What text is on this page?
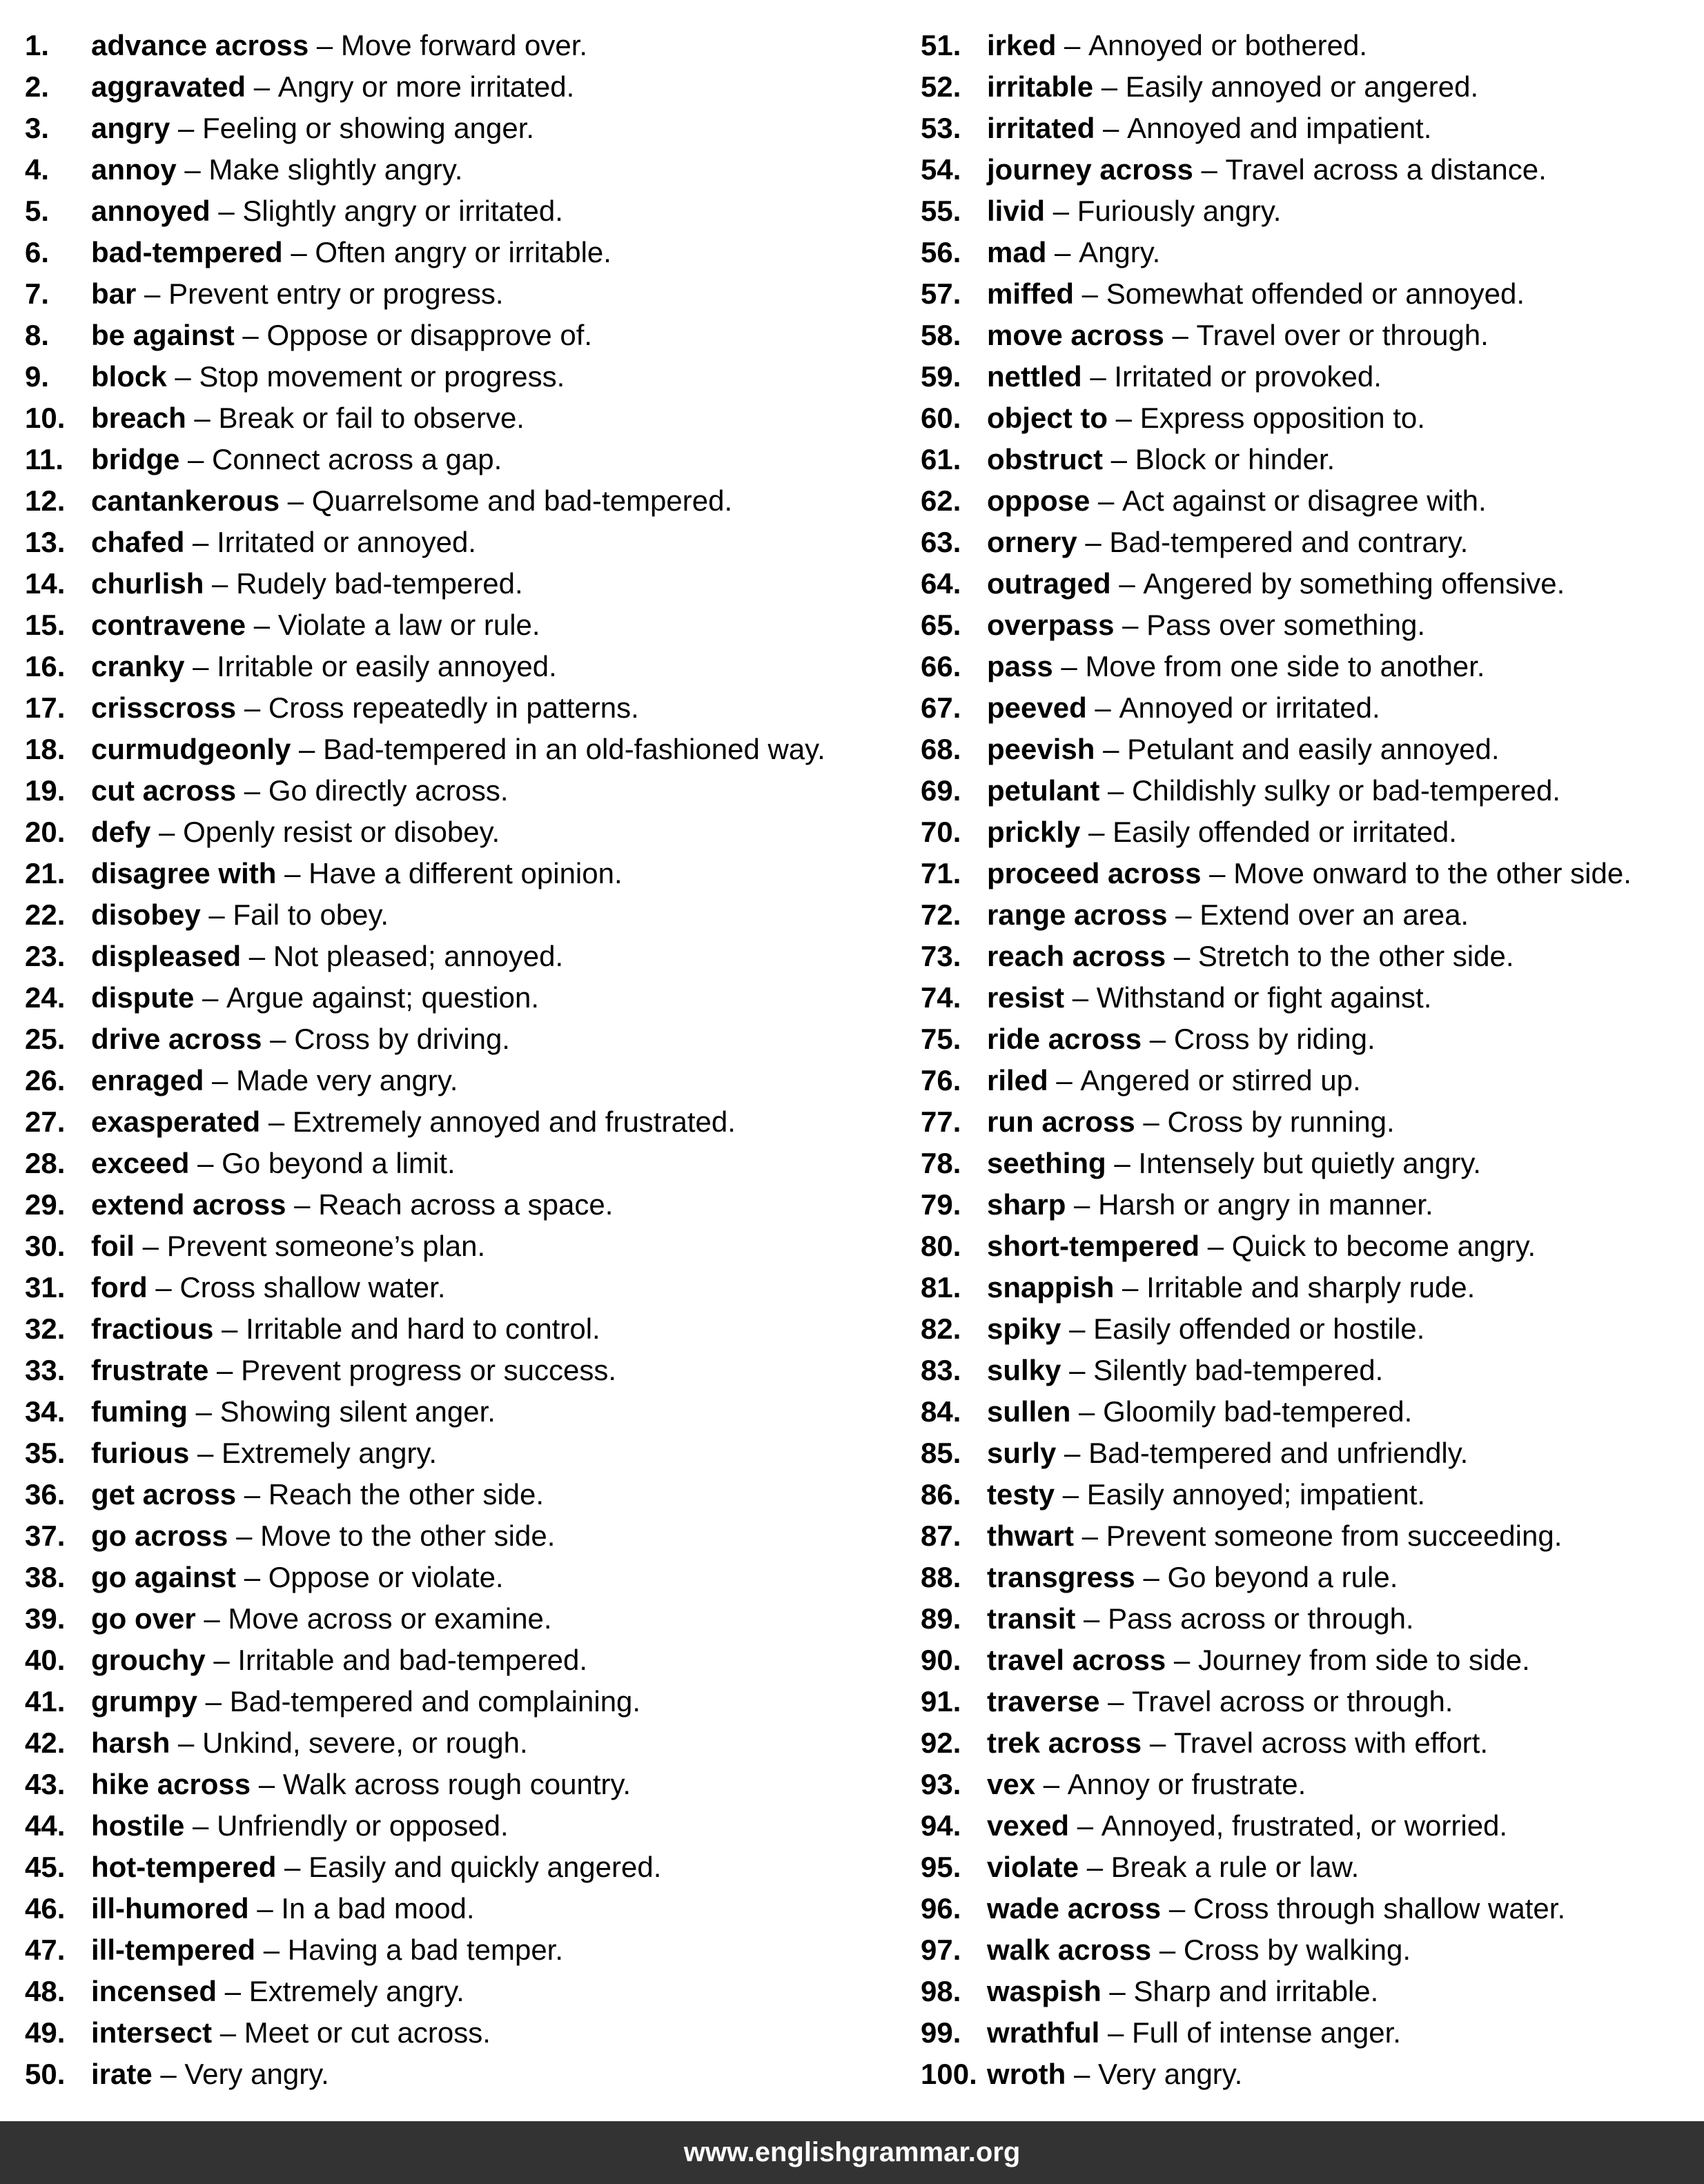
1.	advance across – Move forward over.
2.	aggravated – Angry or more irritated.
3.	angry – Feeling or showing anger.
4.	annoy – Make slightly angry.
5.	annoyed – Slightly angry or irritated.
6.	bad-tempered – Often angry or irritable.
7.	bar – Prevent entry or progress.
8.	be against – Oppose or disapprove of.
9.	block – Stop movement or progress.
10. breach – Break or fail to observe.
11. bridge – Connect across a gap.
12. cantankerous – Quarrelsome and bad-tempered.
13. chafed – Irritated or annoyed.
14. churlish – Rudely bad-tempered.
15. contravene – Violate a law or rule.
16. cranky – Irritable or easily annoyed.
17. crisscross – Cross repeatedly in patterns.
18. curmudgeonly – Bad-tempered in an old-fashioned way.
19. cut across – Go directly across.
20. defy – Openly resist or disobey.
21. disagree with – Have a different opinion.
22. disobey – Fail to obey.
23. displeased – Not pleased; annoyed.
24. dispute – Argue against; question.
25. drive across – Cross by driving.
26. enraged – Made very angry.
27. exasperated – Extremely annoyed and frustrated.
28. exceed – Go beyond a limit.
29. extend across – Reach across a space.
30. foil – Prevent someone’s plan.
31. ford – Cross shallow water.
32. fractious – Irritable and hard to control.
33. frustrate – Prevent progress or success.
34. fuming – Showing silent anger.
35. furious – Extremely angry.
36. get across – Reach the other side.
37. go across – Move to the other side.
38. go against – Oppose or violate.
39. go over – Move across or examine.
40. grouchy – Irritable and bad-tempered.
41. grumpy – Bad-tempered and complaining.
42. harsh – Unkind, severe, or rough.
43. hike across – Walk across rough country.
44. hostile – Unfriendly or opposed.
45. hot-tempered – Easily and quickly angered.
46. ill-humored – In a bad mood.
47. ill-tempered – Having a bad temper.
48. incensed – Extremely angry.
49. intersect – Meet or cut across.
50. irate – Very angry.
51. irked – Annoyed or bothered.
52. irritable – Easily annoyed or angered.
53. irritated – Annoyed and impatient.
54. journey across – Travel across a distance.
55. livid – Furiously angry.
56. mad – Angry.
57. miffed – Somewhat offended or annoyed.
58. move across – Travel over or through.
59. nettled – Irritated or provoked.
60. object to – Express opposition to.
61. obstruct – Block or hinder.
62. oppose – Act against or disagree with.
63. ornery – Bad-tempered and contrary.
64. outraged – Angered by something offensive.
65. overpass – Pass over something.
66. pass – Move from one side to another.
67. peeved – Annoyed or irritated.
68. peevish – Petulant and easily annoyed.
69. petulant – Childishly sulky or bad-tempered.
70. prickly – Easily offended or irritated.
71. proceed across – Move onward to the other side.
72. range across – Extend over an area.
73. reach across – Stretch to the other side.
74. resist – Withstand or fight against.
75. ride across – Cross by riding.
76. riled – Angered or stirred up.
77. run across – Cross by running.
78. seething – Intensely but quietly angry.
79. sharp – Harsh or angry in manner.
80. short-tempered – Quick to become angry.
81. snappish – Irritable and sharply rude.
82. spiky – Easily offended or hostile.
83. sulky – Silently bad-tempered.
84. sullen – Gloomily bad-tempered.
85. surly – Bad-tempered and unfriendly.
86. testy – Easily annoyed; impatient.
87. thwart – Prevent someone from succeeding.
88. transgress – Go beyond a rule.
89. transit – Pass across or through.
90. travel across – Journey from side to side.
91. traverse – Travel across or through.
92. trek across – Travel across with effort.
93. vex – Annoy or frustrate.
94. vexed – Annoyed, frustrated, or worried.
95. violate – Break a rule or law.
96. wade across – Cross through shallow water.
97. walk across – Cross by walking.
98. waspish – Sharp and irritable.
99. wrathful – Full of intense anger.
100. wroth – Very angry.
www.englishgrammar.org
